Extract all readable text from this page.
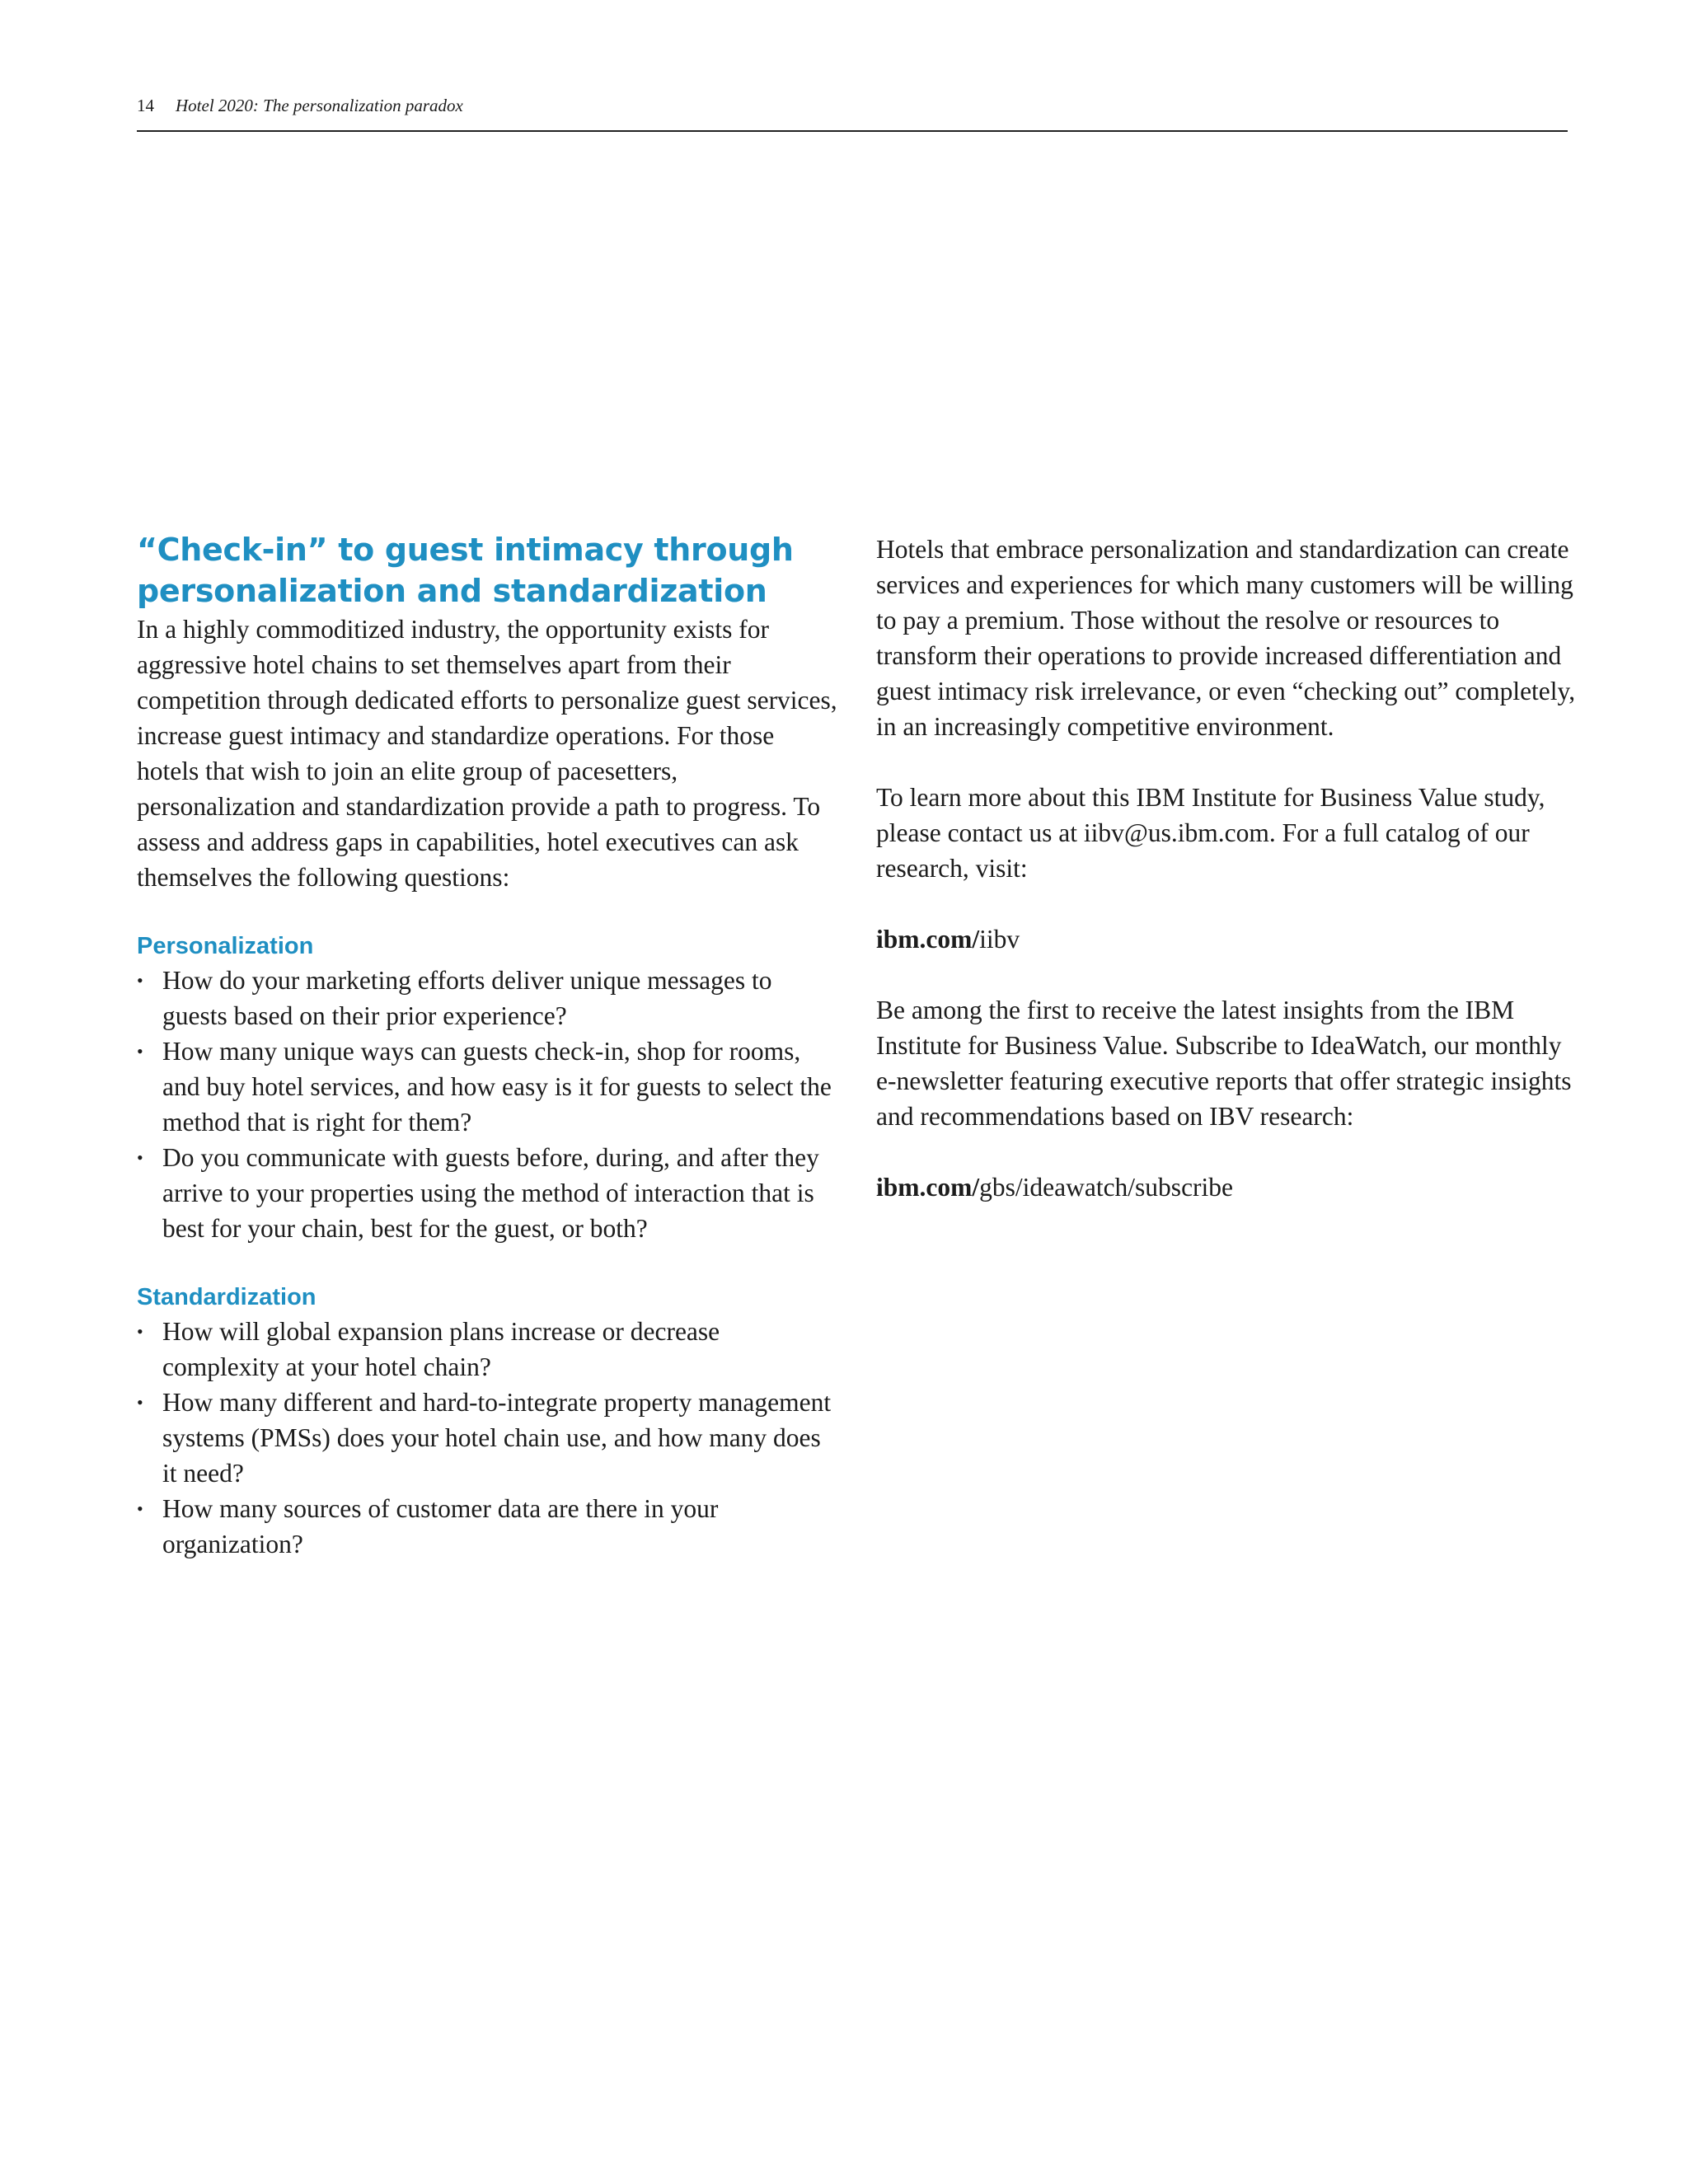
14 Hotel 2020: The personalization paradox
“Check-in” to guest intimacy through
personalization and standardization

In a highly commoditized industry, the opportunity exists for aggressive hotel chains to set themselves apart from their competition through dedicated efforts to personalize guest services, increase guest intimacy and standardize operations. For those hotels that wish to join an elite group of pacesetters, personalization and standardization provide a path to progress. To assess and address gaps in capabilities, hotel executives can ask themselves the following questions:

Personalization
• How do your marketing efforts deliver unique messages to guests based on their prior experience?
• How many unique ways can guests check-in, shop for rooms, and buy hotel services, and how easy is it for guests to select the method that is right for them?
• Do you communicate with guests before, during, and after they arrive to your properties using the method of interaction that is best for your chain, best for the guest, or both?
Standardization
• How will global expansion plans increase or decrease complexity at your hotel chain?
• How many different and hard-to-integrate property management systems (PMSs) does your hotel chain use, and how many does it need?
• How many sources of customer data are there in your organization?

Hotels that embrace personalization and standardization can create services and experiences for which many customers will be willing to pay a premium. Those without the resolve or resources to transform their operations to provide increased differentiation and guest intimacy risk irrelevance, or even “checking out” completely, in an increasingly competitive environment.

To learn more about this IBM Institute for Business Value study, please contact us at iibv@us.ibm.com. For a full catalog of our research, visit:

ibm.com/iibv

Be among the first to receive the latest insights from the IBM Institute for Business Value. Subscribe to IdeaWatch, our monthly e-newsletter featuring executive reports that offer strategic insights and recommendations based on IBV research:

ibm.com/gbs/ideawatch/subscribe
